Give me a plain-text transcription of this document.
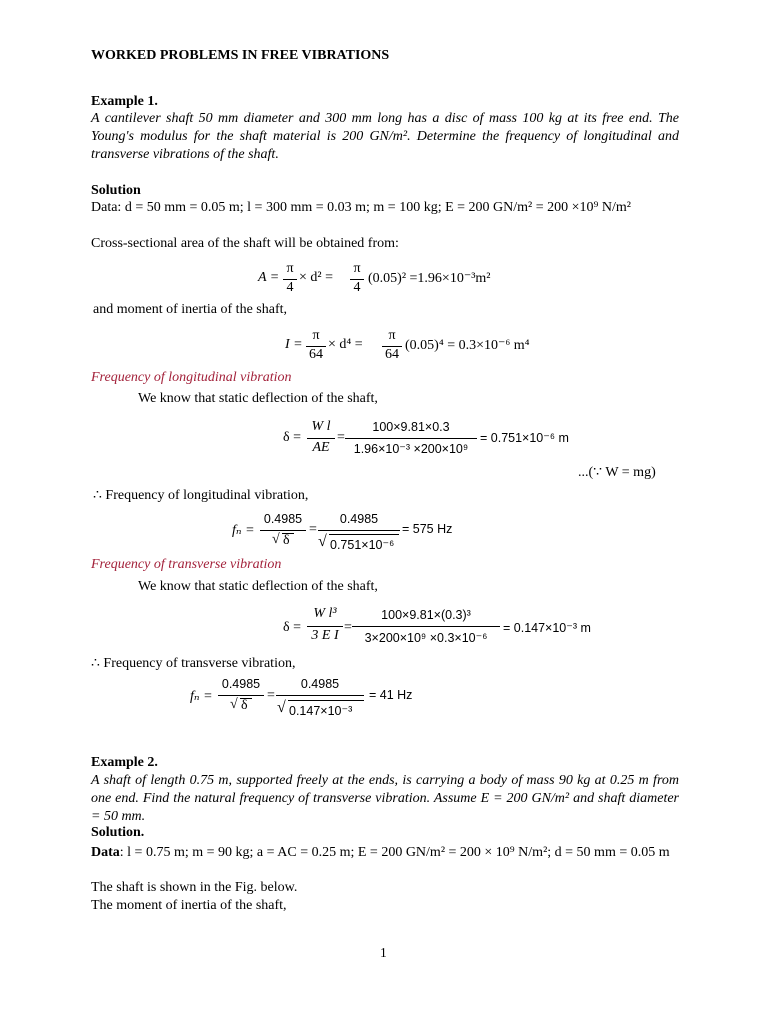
WORKED PROBLEMS IN FREE VIBRATIONS
Example 1.
A cantilever shaft 50 mm diameter and 300 mm long has a disc of mass 100 kg at its free end. The Young's modulus for the shaft material is 200 GN/m². Determine the frequency of longitudinal and transverse vibrations of the shaft.
Solution
Data: d = 50 mm = 0.05 m; l = 300 mm = 0.03 m; m = 100 kg; E = 200 GN/m² = 200 ×10⁹ N/m²
Cross-sectional area of the shaft will be obtained from:
A =
π
4
× d² =
π
4
(0.05)² =1.96×10⁻³m²
and moment of inertia of the shaft,
I =
π
64
× d⁴ =
π
64
(0.05)⁴ = 0.3×10⁻⁶ m⁴
Frequency of longitudinal vibration
We know that static deflection of the shaft,
δ =
W l
AE
=
100×9.81×0.3
1.96×10⁻³ ×200×10⁹
= 0.751×10⁻⁶ m
...(∵ W = mg)
∴ Frequency of longitudinal vibration,
fₙ =
0.4985
√ δ
=
0.4985
√ 0.751×10⁻⁶
= 575 Hz
Frequency of transverse vibration
We know that static deflection of the shaft,
δ =
W l³
3 E I
=
100×9.81×(0.3)³
3×200×10⁹ ×0.3×10⁻⁶
= 0.147×10⁻³ m
∴ Frequency of transverse vibration,
fₙ =
0.4985
√ δ
=
0.4985
√ 0.147×10⁻³
= 41 Hz
Example 2.
A shaft of length 0.75 m, supported freely at the ends, is carrying a body of mass 90 kg at 0.25 m from one end. Find the natural frequency of transverse vibration. Assume E = 200 GN/m² and shaft diameter = 50 mm.
Solution.
Data: l = 0.75 m; m = 90 kg; a = AC = 0.25 m; E = 200 GN/m² = 200 × 10⁹ N/m²; d = 50 mm = 0.05 m
The shaft is shown in the Fig. below.
The moment of inertia of the shaft,
1
